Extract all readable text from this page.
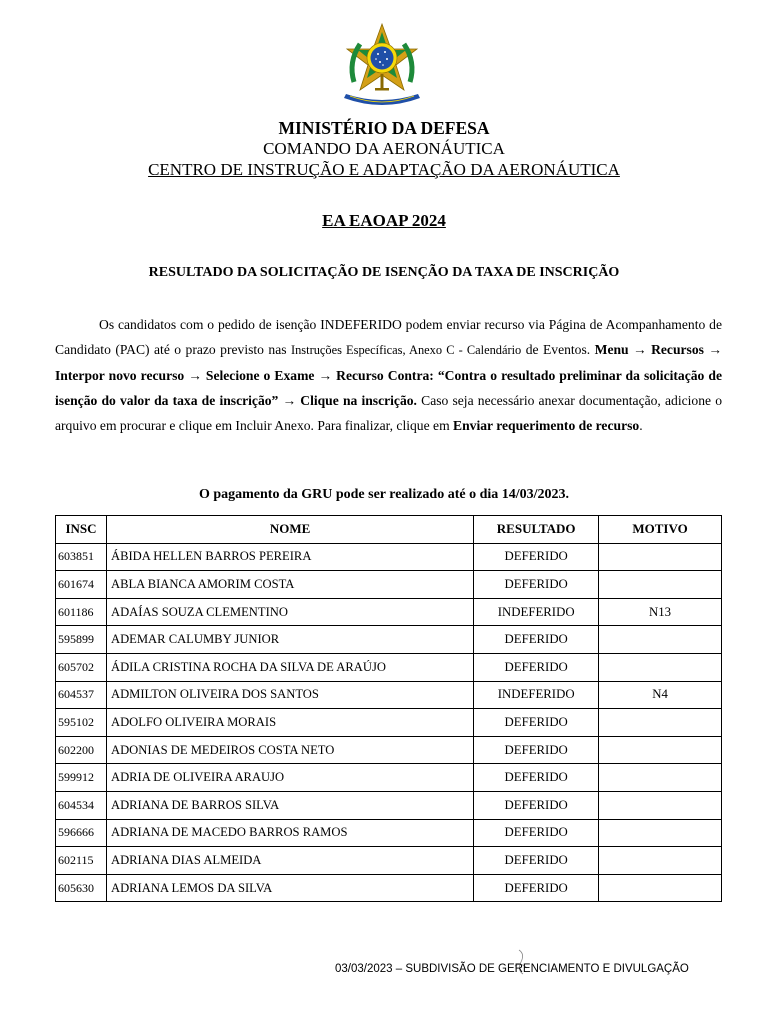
MINISTÉRIO DA DEFESA
COMANDO DA AERONÁUTICA
CENTRO DE INSTRUÇÃO E ADAPTAÇÃO DA AERONÁUTICA
EA EAOAP 2024
RESULTADO DA SOLICITAÇÃO DE ISENÇÃO DA TAXA DE INSCRIÇÃO
Os candidatos com o pedido de isenção INDEFERIDO podem enviar recurso via Página de Acompanhamento de Candidato (PAC) até o prazo previsto nas Instruções Específicas, Anexo C - Calendário de Eventos. Menu → Recursos → Interpor novo recurso → Selecione o Exame → Recurso Contra: “Contra o resultado preliminar da solicitação de isenção do valor da taxa de inscrição” → Clique na inscrição. Caso seja necessário anexar documentação, adicione o arquivo em procurar e clique em Incluir Anexo. Para finalizar, clique em Enviar requerimento de recurso.
O pagamento da GRU pode ser realizado até o dia 14/03/2023.
INSC	NOME	RESULTADO	MOTIVO
603851	ÁBIDA HELLEN BARROS PEREIRA	DEFERIDO	
601674	ABLA BIANCA AMORIM COSTA	DEFERIDO	
601186	ADAÍAS SOUZA CLEMENTINO	INDEFERIDO	N13
595899	ADEMAR CALUMBY JUNIOR	DEFERIDO	
605702	ÁDILA CRISTINA ROCHA DA SILVA DE ARAÚJO	DEFERIDO	
604537	ADMILTON OLIVEIRA DOS SANTOS	INDEFERIDO	N4
595102	ADOLFO OLIVEIRA MORAIS	DEFERIDO	
602200	ADONIAS DE MEDEIROS COSTA NETO	DEFERIDO	
599912	ADRIA DE OLIVEIRA ARAUJO	DEFERIDO	
604534	ADRIANA DE BARROS SILVA	DEFERIDO	
596666	ADRIANA DE MACEDO BARROS RAMOS	DEFERIDO	
602115	ADRIANA DIAS ALMEIDA	DEFERIDO	
605630	ADRIANA LEMOS DA SILVA	DEFERIDO	
03/03/2023 – SUBDIVISÃO DE GERENCIAMENTO E DIVULGAÇÃO
